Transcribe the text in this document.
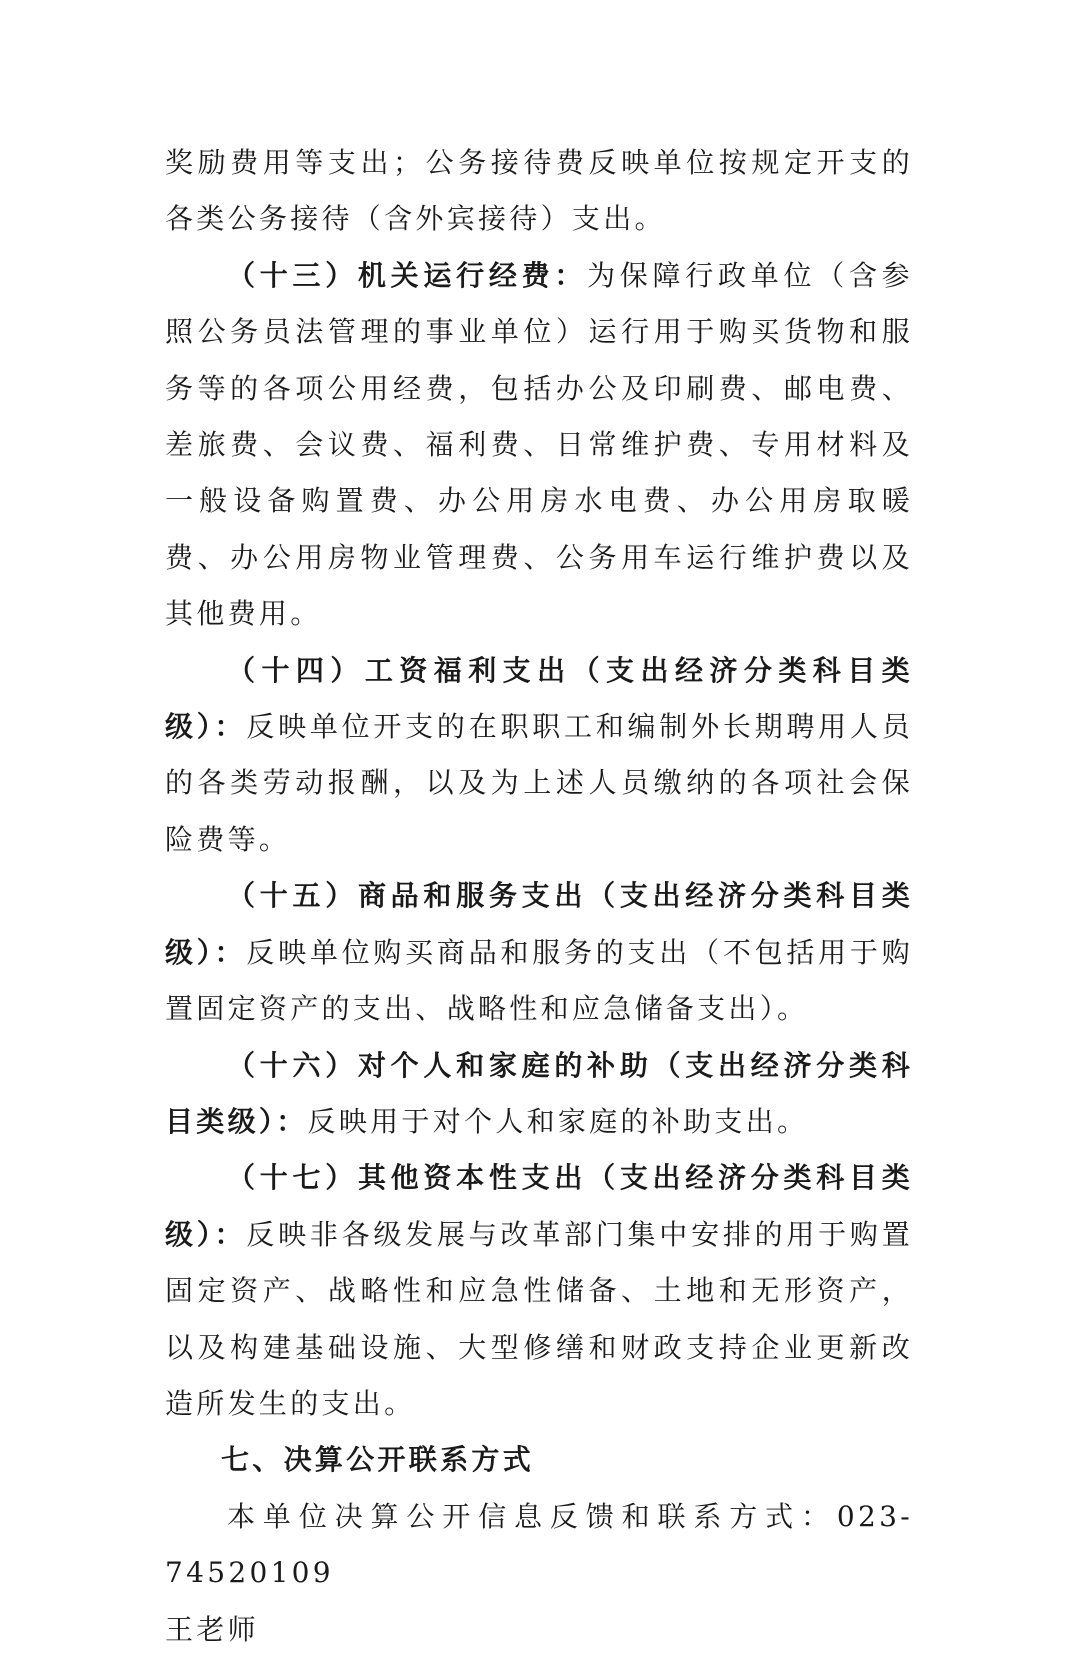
奖励费用等支出；公务接待费反映单位按规定开支的各类公务接待（含外宾接待）支出。

（十三）机关运行经费：为保障行政单位（含参照公务员法管理的事业单位）运行用于购买货物和服务等的各项公用经费，包括办公及印刷费、邮电费、差旅费、会议费、福利费、日常维护费、专用材料及一般设备购置费、办公用房水电费、办公用房取暖费、办公用房物业管理费、公务用车运行维护费以及其他费用。

（十四）工资福利支出（支出经济分类科目类级）：反映单位开支的在职职工和编制外长期聘用人员的各类劳动报酬，以及为上述人员缴纳的各项社会保险费等。

（十五）商品和服务支出（支出经济分类科目类级）：反映单位购买商品和服务的支出（不包括用于购置固定资产的支出、战略性和应急储备支出）。

（十六）对个人和家庭的补助（支出经济分类科目类级）：反映用于对个人和家庭的补助支出。

（十七）其他资本性支出（支出经济分类科目类级）：反映非各级发展与改革部门集中安排的用于购置固定资产、战略性和应急性储备、土地和无形资产，以及构建基础设施、大型修缮和财政支持企业更新改造所发生的支出。

七、决算公开联系方式

本单位决算公开信息反馈和联系方式：023-74520109
王老师
